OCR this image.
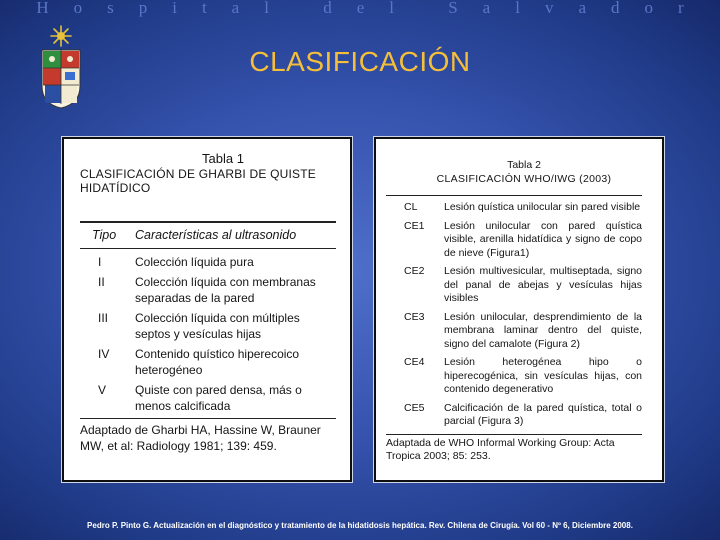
Hospital del Salvador
CLASIFICACIÓN
Tabla 1
CLASIFICACIÓN DE GHARBI DE QUISTE HIDATÍDICO
Tipo	Características al ultrasonido
I	Colección líquida pura
II	Colección líquida con membranas separadas de la pared
III	Colección líquida con múltiples septos y vesículas hijas
IV	Contenido quístico hiperecoico heterogéneo
V	Quiste con pared densa, más o menos calcificada
Adaptado de Gharbi HA, Hassine W, Brauner MW, et al: Radiology 1981; 139: 459.
Tabla 2
CLASIFICACIÓN WHO/IWG (2003)
CL	Lesión quística unilocular sin pared visible
CE1	Lesión unilocular con pared quística visible, arenilla hidatídica y signo de copo de nieve (Figura1)
CE2	Lesión multivesicular, multiseptada, signo del panal de abejas y vesículas hijas visibles
CE3	Lesión unilocular, desprendimiento de la membrana laminar dentro del quiste, signo del camalote (Figura 2)
CE4	Lesión heterogénea hipo o hiperecogénica, sin vesículas hijas, con contenido degenerativo
CE5	Calcificación de la pared quística, total o parcial (Figura 3)
Adaptada de WHO Informal Working Group: Acta Tropica 2003; 85: 253.
Pedro P. Pinto G. Actualización en el diagnóstico y tratamiento de la hidatidosis hepática. Rev. Chilena de Cirugía. Vol 60 - Nº 6, Diciembre 2008.
